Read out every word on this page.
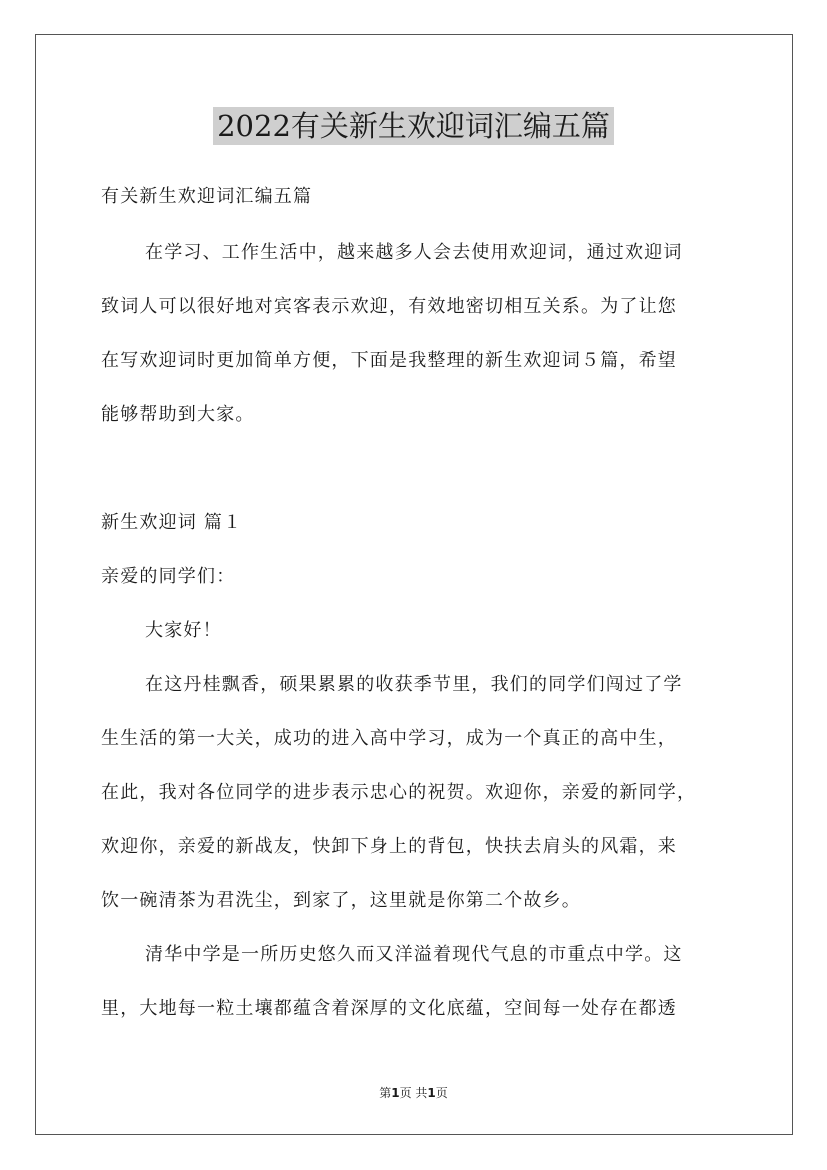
2022有关新生欢迎词汇编五篇
有关新生欢迎词汇编五篇
在学习、工作生活中，越来越多人会去使用欢迎词，通过欢迎词
致词人可以很好地对宾客表示欢迎，有效地密切相互关系。为了让您
在写欢迎词时更加简单方便，下面是我整理的新生欢迎词５篇，希望
能够帮助到大家。
新生欢迎词 篇１
亲爱的同学们：
大家好！
在这丹桂飘香，硕果累累的收获季节里，我们的同学们闯过了学
生生活的第一大关，成功的进入高中学习，成为一个真正的高中生，
在此，我对各位同学的进步表示忠心的祝贺。欢迎你，亲爱的新同学，
欢迎你，亲爱的新战友，快卸下身上的背包，快扶去肩头的风霜，来
饮一碗清茶为君洗尘，到家了，这里就是你第二个故乡。
清华中学是一所历史悠久而又洋溢着现代气息的市重点中学。这
里，大地每一粒土壤都蕴含着深厚的文化底蕴，空间每一处存在都透
第1页 共1页
